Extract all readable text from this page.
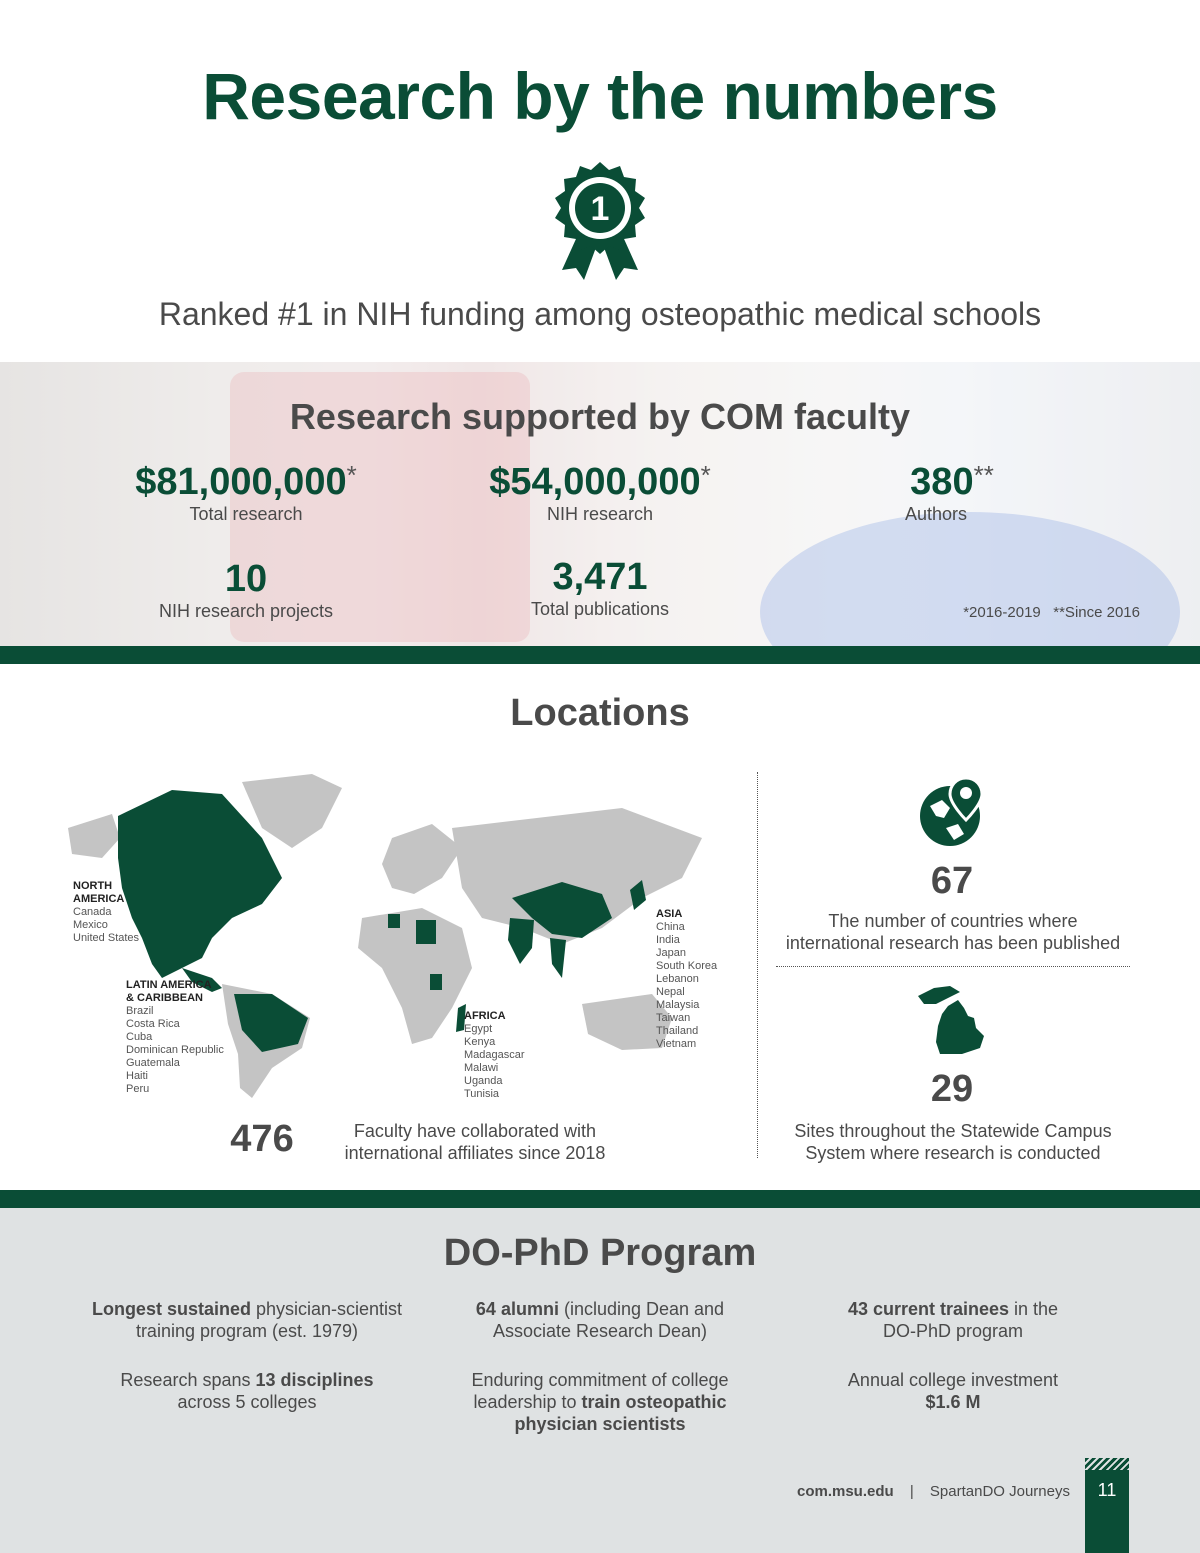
Research by the numbers
1
Ranked #1 in NIH funding among osteopathic medical schools
Research supported by COM faculty
$81,000,000*
Total research
$54,000,000*
NIH research
380**
Authors
10
NIH research projects
3,471
Total publications	*2016-2019   **Since 2016
Locations
NORTH
AMERICA
Canada
Mexico
United States
LATIN AMERICA
& CARIBBEAN
Brazil
Costa Rica
Cuba
Dominican Republic
Guatemala
Haiti
Peru
AFRICA
Egypt
Kenya
Madagascar
Malawi
Uganda
Tunisia
ASIA
China
India
Japan
South Korea
Lebanon
Nepal
Malaysia
Taiwan
Thailand
Vietnam
476	Faculty have collaborated with
international affiliates since 2018
67
The number of countries where
international research has been published
29
Sites throughout the Statewide Campus
System where research is conducted
DO-PhD Program
Longest sustained physician-scientist
training program (est. 1979)
64 alumni (including Dean and
Associate Research Dean)
43 current trainees in the
DO-PhD program
Research spans 13 disciplines
across 5 colleges
Enduring commitment of college
leadership to train osteopathic
physician scientists
Annual college investment
$1.6 M
com.msu.edu | SpartanDO Journeys	11
